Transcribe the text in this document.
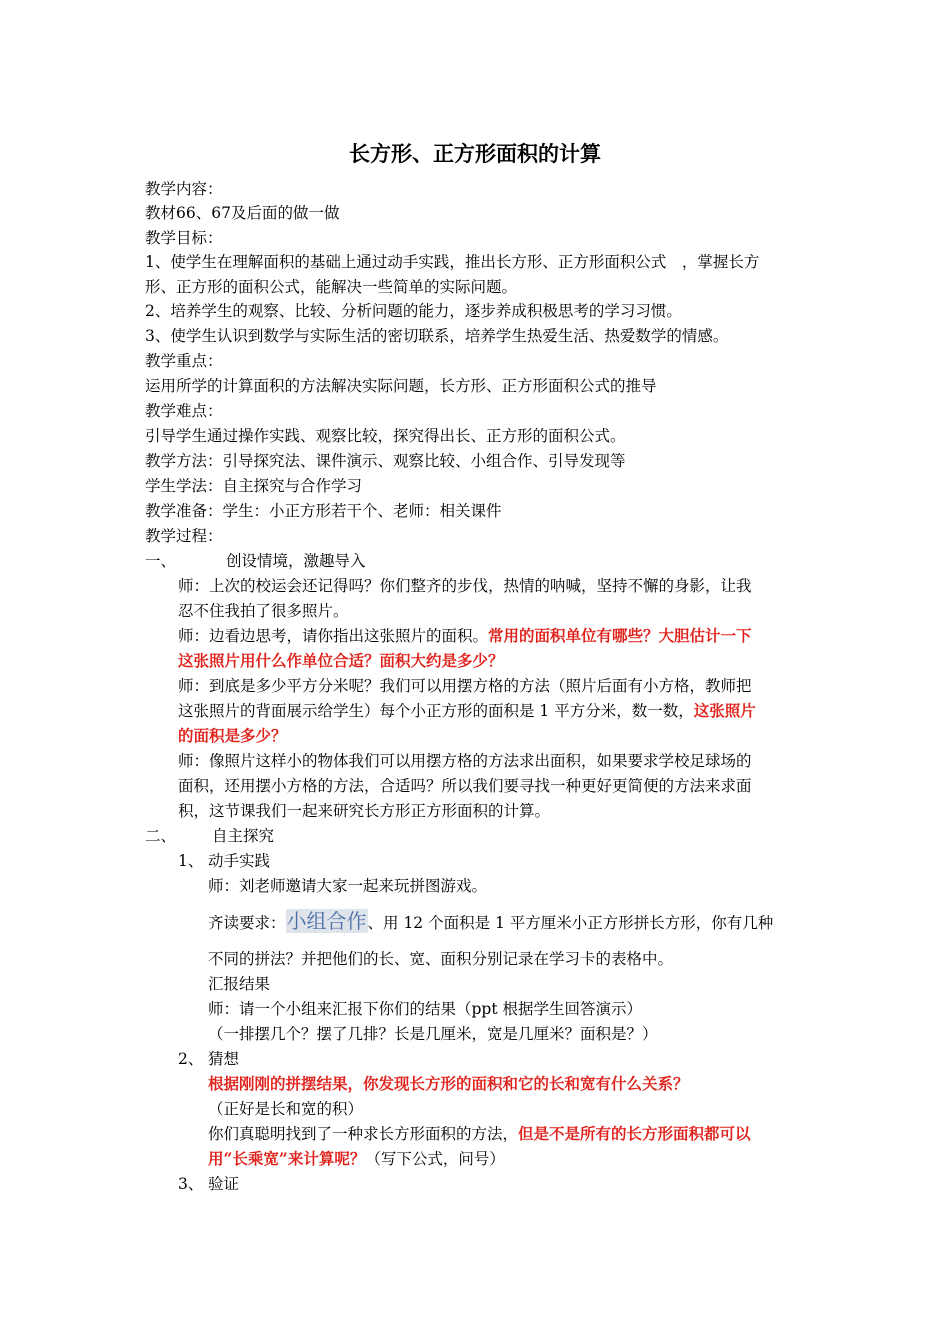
长方形、正方形面积的计算
教学内容：
教材66、67及后面的做一做
教学目标：
1、使学生在理解面积的基础上通过动手实践，推出长方形、正方形面积公式　，掌握长方
形、正方形的面积公式，能解决一些简单的实际问题。
2、培养学生的观察、比较、分析问题的能力，逐步养成积极思考的学习习惯。
3、使学生认识到数学与实际生活的密切联系，培养学生热爱生活、热爱数学的情感。
教学重点：
运用所学的计算面积的方法解决实际问题，长方形、正方形面积公式的推导
教学难点：
引导学生通过操作实践、观察比较，探究得出长、正方形的面积公式。
教学方法：引导探究法、课件演示、观察比较、小组合作、引导发现等
学生学法：自主探究与合作学习
教学准备：学生：小正方形若干个、老师：相关课件
教学过程：
一、	创设情境，激趣导入
师：上次的校运会还记得吗？你们整齐的步伐，热情的呐喊，坚持不懈的身影，让我
忍不住我拍了很多照片。
师：边看边思考，请你指出这张照片的面积。常用的面积单位有哪些？大胆估计一下
这张照片用什么作单位合适？面积大约是多少？
师：到底是多少平方分米呢？我们可以用摆方格的方法（照片后面有小方格，教师把
这张照片的背面展示给学生）每个小正方形的面积是 1 平方分米，数一数，这张照片
的面积是多少？
师：像照片这样小的物体我们可以用摆方格的方法求出面积，如果要求学校足球场的
面积，还用摆小方格的方法，合适吗？所以我们要寻找一种更好更简便的方法来求面
积，这节课我们一起来研究长方形正方形面积的计算。
二、 自主探究
1、 动手实践
师：刘老师邀请大家一起来玩拼图游戏。
齐读要求：小组合作、用 12 个面积是 1 平方厘米小正方形拼长方形，你有几种
不同的拼法？并把他们的长、宽、面积分别记录在学习卡的表格中。
汇报结果
师：请一个小组来汇报下你们的结果（ppt 根据学生回答演示）
（一排摆几个？摆了几排？长是几厘米，宽是几厘米？面积是？）
2、 猜想
根据刚刚的拼摆结果，你发现长方形的面积和它的长和宽有什么关系？
（正好是长和宽的积）
你们真聪明找到了一种求长方形面积的方法，但是不是所有的长方形面积都可以
用“长乘宽”来计算呢？（写下公式，问号）
3、 验证
